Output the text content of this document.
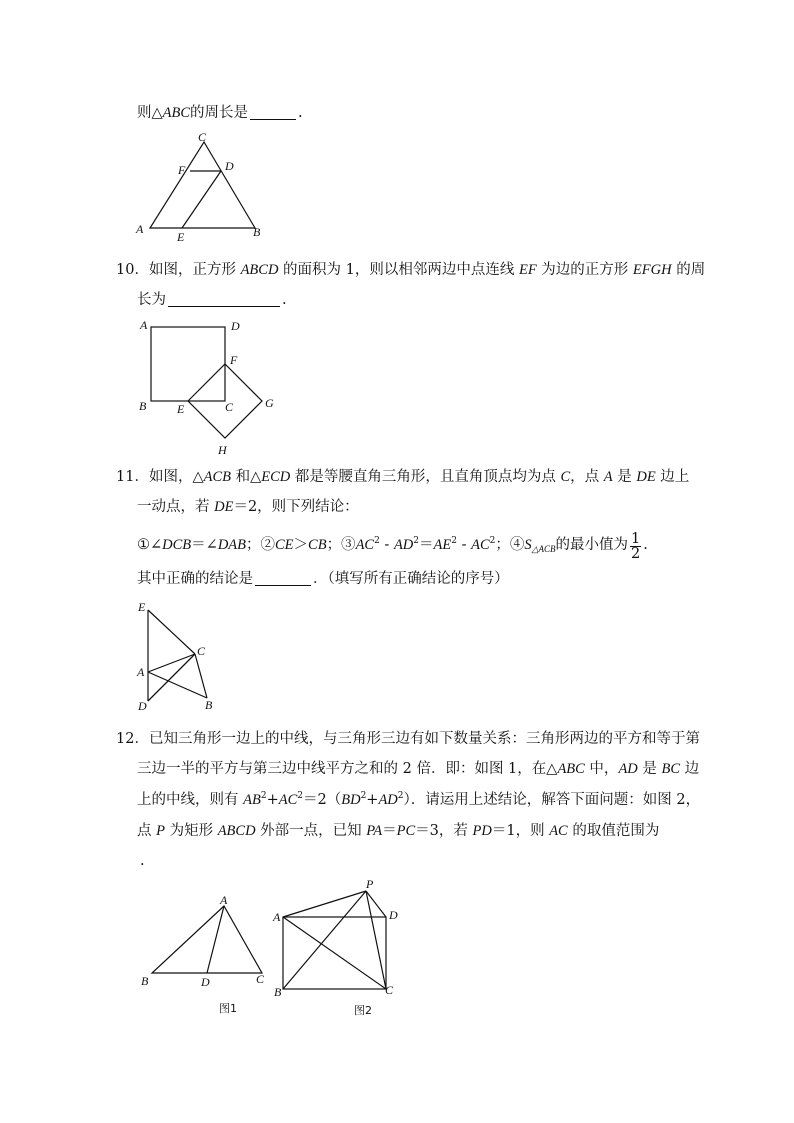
则△ABC的周长是	.
C
F	D
A
E	B
10．如图，正方形 ABCD 的面积为 1，则以相邻两边中点连线 EF 为边的正方形 EFGH 的周
长为	.
A	D
F
B	E	C	G
H
11．如图，△ACB 和△ECD 都是等腰直角三角形，且直角顶点均为点 C，点 A 是 DE 边上
一动点，若 DE＝2，则下列结论：
①∠DCB＝∠DAB；②CE＞CB；$③AC^2 - AD^2=AE^2 - AC^2$；$④S_{\triangle ACB}$的最小值为 $\frac{1}{2}$ .
其中正确的结论是	．（填写所有正确结论的序号）
E
C
A
D	B
12．已知三角形一边上的中线，与三角形三边有如下数量关系：三角形两边的平方和等于第
三边一半的平方与第三边中线平方之和的 2 倍．即：如图 1，在△ABC 中，AD 是 BC 边
上的中线，则有 $AB^2+AC^2=2(BD^2+AD^2)$．请运用上述结论，解答下面问题：如图 2，
点 P 为矩形 ABCD 外部一点，已知 PA＝PC＝3，若 PD＝1，则 AC 的取值范围为
.
A
B	D	C
图1
P
A	D
B	C
图2
